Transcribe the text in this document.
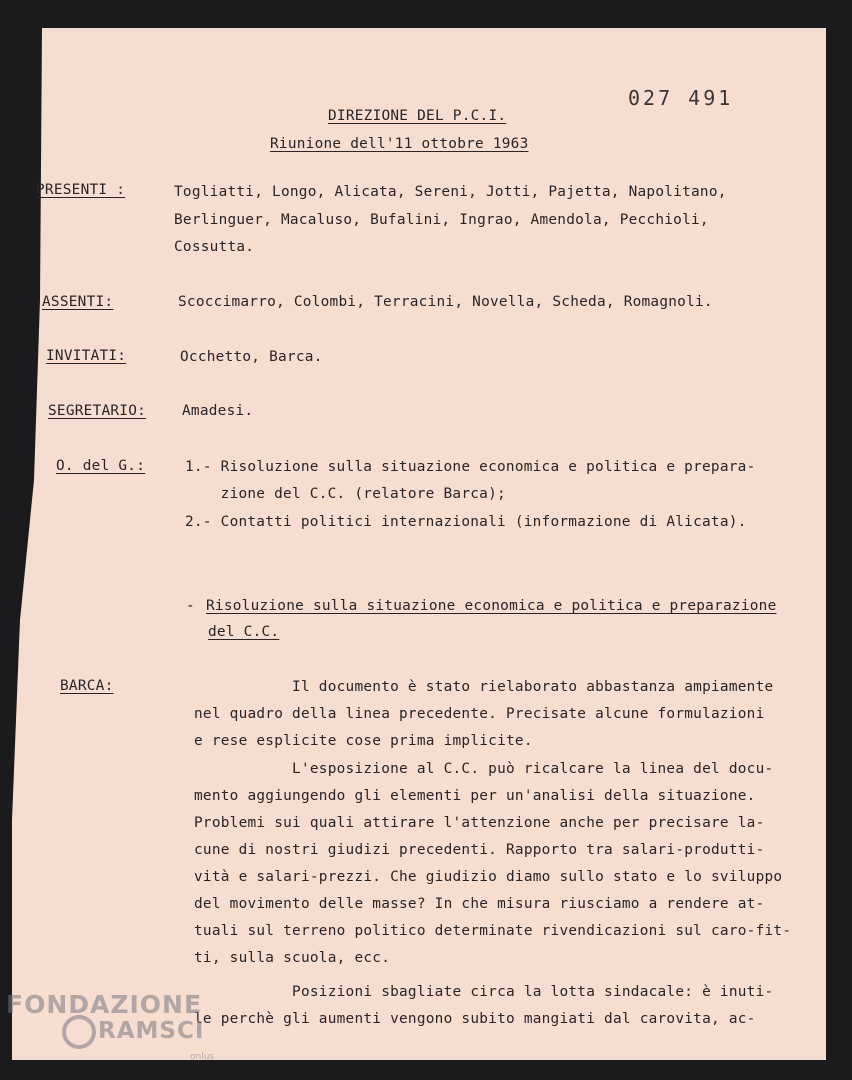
027 491
DIREZIONE DEL P.C.I.
Riunione dell'11 ottobre 1963
PRESENTI :	Togliatti, Longo, Alicata, Sereni, Jotti, Pajetta, Napolitano,
Berlinguer, Macaluso, Bufalini, Ingrao, Amendola, Pecchioli,
Cossutta.
ASSENTI:	Scoccimarro, Colombi, Terracini, Novella, Scheda, Romagnoli.
INVITATI:	Occhetto, Barca.
SEGRETARIO: Amadesi.
O. del G.:	1.- Risoluzione sulla situazione economica e politica e prepara-
zione del C.C. (relatore Barca);
2.- Contatti politici internazionali (informazione di Alicata).
- Risoluzione sulla situazione economica e politica e preparazione
del C.C.
BARCA:	Il documento è stato rielaborato abbastanza ampiamente
nel quadro della linea precedente. Precisate alcune formulazioni
e rese esplicite cose prima implicite.
L'esposizione al C.C. può ricalcare la linea del docu-
mento aggiungendo gli elementi per un'analisi della situazione.
Problemi sui quali attirare l'attenzione anche per precisare la-
cune di nostri giudizi precedenti. Rapporto tra salari-produtti-
vità e salari-prezzi. Che giudizio diamo sullo stato e lo sviluppo
del movimento delle masse? In che misura riusciamo a rendere at-
tuali sul terreno politico determinate rivendicazioni sul caro-fit-
ti, sulla scuola, ecc.
Posizioni sbagliate circa la lotta sindacale: è inuti-
le perchè gli aumenti vengono subito mangiati dal carovita, ac-
FONDAZIONE
RAMSCI
onlus
